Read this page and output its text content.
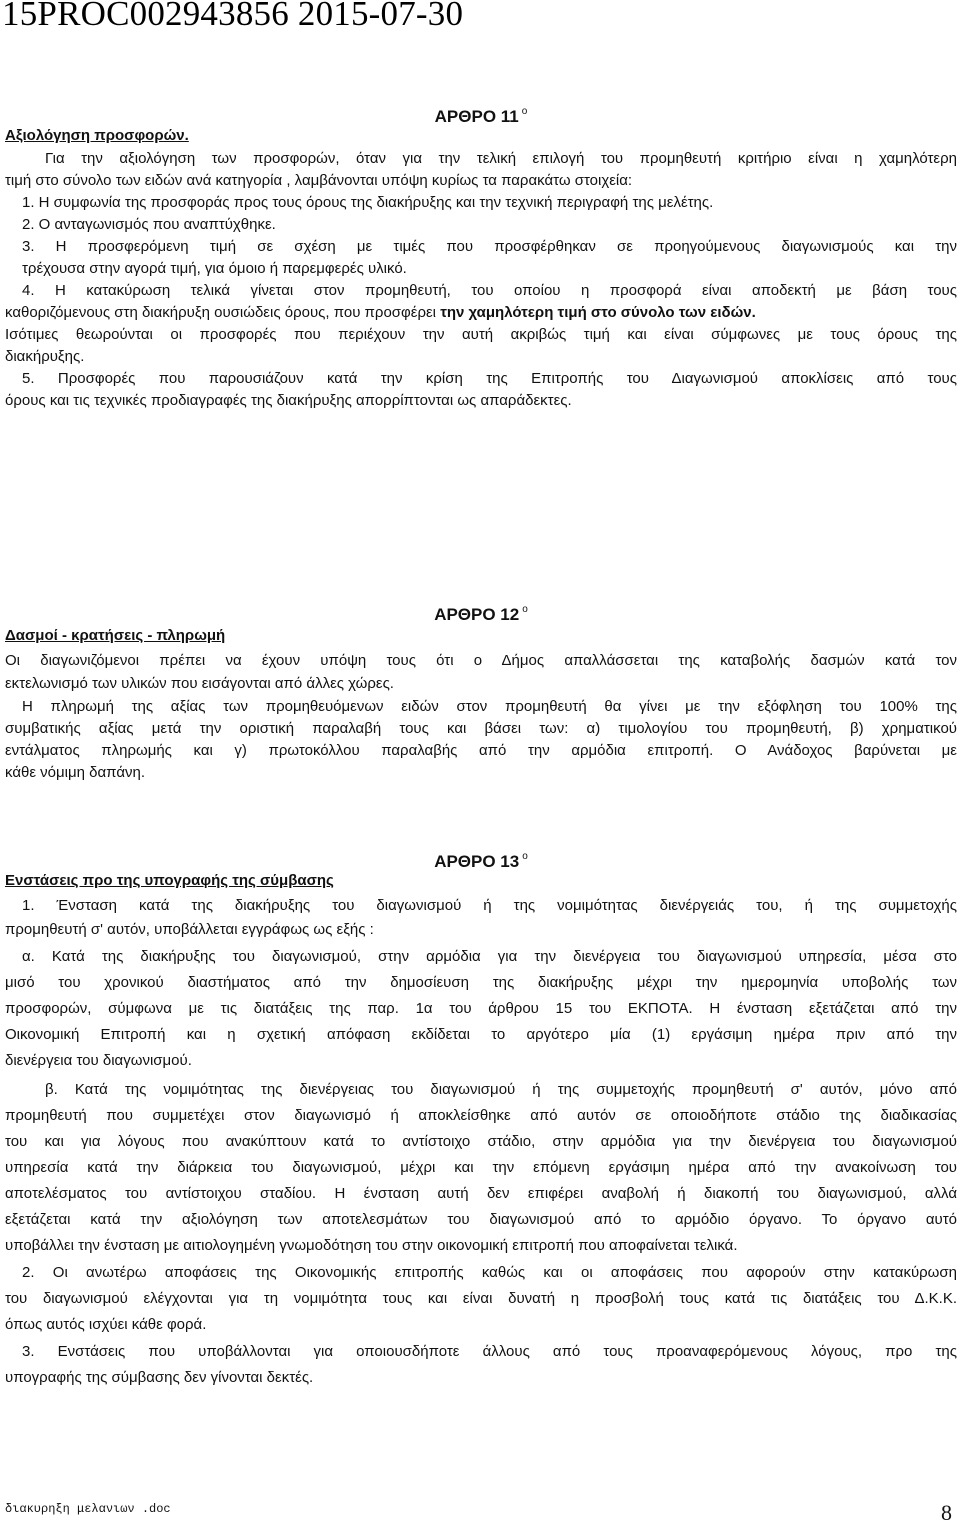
15PROC002943856 2015-07-30
ΑΡΘΡΟ 11 $^o$
Αξιολόγηση προσφορών.
Για την αξιολόγηση των προσφορών, όταν για την τελική επιλογή του προμηθευτή κριτήριο είναι η χαμηλότερη
τιμή στο σύνολο των ειδών ανά κατηγορία , λαμβάνονται υπόψη κυρίως τα παρακάτω στοιχεία:
1. Η συμφωνία της προσφοράς προς τους όρους της διακήρυξης και την τεχνική περιγραφή της μελέτης.
2. Ο ανταγωνισμός που αναπτύχθηκε.
3. Η προσφερόμενη τιμή σε σχέση με τιμές που προσφέρθηκαν σε προηγούμενους διαγωνισμούς και την
τρέχουσα στην αγορά τιμή, για όμοιο ή παρεμφερές υλικό.
4. Η κατακύρωση τελικά γίνεται στον προμηθευτή, του οποίου η προσφορά είναι αποδεκτή με βάση τους
καθοριζόμενους στη διακήρυξη ουσιώδεις όρους, που προσφέρει την χαμηλότερη τιμή στο σύνολο των ειδών.
Ισότιμες θεωρούνται οι προσφορές που περιέχουν την αυτή ακριβώς τιμή και είναι σύμφωνες με τους όρους της
διακήρυξης.
5. Προσφορές που παρουσιάζουν κατά την κρίση της Επιτροπής του Διαγωνισμού αποκλίσεις από τους
όρους και τις τεχνικές προδιαγραφές της διακήρυξης απορρίπτονται ως απαράδεκτες.
ΑΡΘΡΟ 12 $^o$
Δασμοί - κρατήσεις - πληρωμή
Οι διαγωνιζόμενοι πρέπει να έχουν υπόψη τους ότι ο Δήμος απαλλάσσεται της καταβολής δασμών κατά τον
εκτελωνισμό των υλικών που εισάγονται από άλλες χώρες.
Η πληρωμή της αξίας των προμηθευόμενων ειδών στον προμηθευτή θα γίνει με την εξόφληση του 100% της
συμβατικής αξίας μετά την οριστική παραλαβή τους και βάσει των: α) τιμολογίου του προμηθευτή, β) χρηματικού
εντάλματος πληρωμής και γ) πρωτοκόλλου παραλαβής από την αρμόδια επιτροπή. Ο Ανάδοχος βαρύνεται με
κάθε νόμιμη δαπάνη.
ΑΡΘΡΟ 13 $^o$
Ενστάσεις προ της υπογραφής της σύμβασης
1. Ένσταση κατά της διακήρυξης του διαγωνισμού ή της νομιμότητας διενέργειάς του, ή της συμμετοχής
προμηθευτή σ' αυτόν, υποβάλλεται εγγράφως ως εξής :
α. Κατά της διακήρυξης του διαγωνισμού, στην αρμόδια για την διενέργεια του διαγωνισμού υπηρεσία, μέσα στο
μισό του χρονικού διαστήματος από την δημοσίευση της διακήρυξης μέχρι την ημερομηνία υποβολής των
προσφορών, σύμφωνα με τις διατάξεις της παρ. 1α του άρθρου 15 του ΕΚΠΟΤΑ. Η ένσταση εξετάζεται από την
Οικονομική Επιτροπή και η σχετική απόφαση εκδίδεται το αργότερο μία (1) εργάσιμη ημέρα πριν από την
διενέργεια του διαγωνισμού.
β. Κατά της νομιμότητας της διενέργειας του διαγωνισμού ή της συμμετοχής προμηθευτή σ' αυτόν, μόνο από
προμηθευτή που συμμετέχει στον διαγωνισμό ή αποκλείσθηκε από αυτόν σε οποιοδήποτε στάδιο της διαδικασίας
του και για λόγους που ανακύπτουν κατά το αντίστοιχο στάδιο, στην αρμόδια για την διενέργεια του διαγωνισμού
υπηρεσία κατά την διάρκεια του διαγωνισμού, μέχρι και την επόμενη εργάσιμη ημέρα από την ανακοίνωση του
αποτελέσματος του αντίστοιχου σταδίου. Η ένσταση αυτή δεν επιφέρει αναβολή ή διακοπή του διαγωνισμού, αλλά
εξετάζεται κατά την αξιολόγηση των αποτελεσμάτων του διαγωνισμού από το αρμόδιο όργανο. Το όργανο αυτό
υποβάλλει την ένσταση με αιτιολογημένη γνωμοδότηση του στην οικονομική επιτροπή που αποφαίνεται τελικά.
2. Οι ανωτέρω αποφάσεις της Οικονομικής επιτροπής καθώς και οι αποφάσεις που αφορούν στην κατακύρωση
του διαγωνισμού ελέγχονται για τη νομιμότητα τους και είναι δυνατή η προσβολή τους κατά τις διατάξεις του Δ.Κ.Κ.
όπως αυτός ισχύει κάθε φορά.
3. Ενστάσεις που υποβάλλονται για οποιουσδήποτε άλλους από τους προαναφερόμενους λόγους, προ της
υπογραφής της σύμβασης δεν γίνονται δεκτές.
διακυρηξη μελανιων .doc	8
